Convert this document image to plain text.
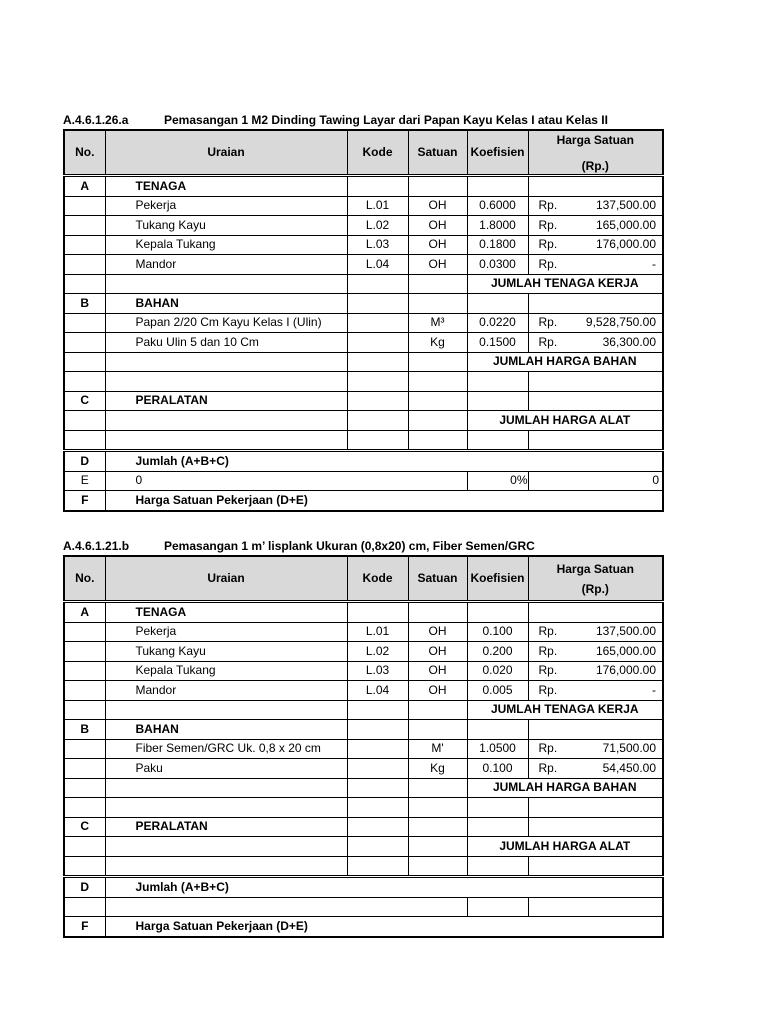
A.4.6.1.26.a	Pemasangan 1 M2 Dinding Tawing Layar dari Papan Kayu Kelas I atau Kelas II
No.	Uraian	Kode	Satuan	Koefisien	Harga Satuan
(Rp.)

A	TENAGA				
	Pekerja	L.01	OH	0.6000	Rp. 137,500.00

	Tukang Kayu	L.02	OH	1.8000	Rp. 165,000.00

	Kepala Tukang	L.03	OH	0.1800	Rp. 176,000.00

	Mandor	L.04	OH	0.0300	Rp. -

				JUMLAH TENAGA KERJA	
B	BAHAN				
	Papan 2/20 Cm Kayu Kelas I (Ulin)		M³	0.0220	Rp. 9,528,750.00

	Paku Ulin 5 dan 10 Cm		Kg	0.1500	Rp. 36,300.00

				JUMLAH HARGA BAHAN	

C	PERALATAN				
				JUMLAH HARGA ALAT	

D	Jumlah (A+B+C)				
E	0			0%	0
F	Harga Satuan Pekerjaan (D+E)				
A.4.6.1.21.b	Pemasangan 1 m’ lisplank Ukuran (0,8x20) cm, Fiber Semen/GRC
No.	Uraian	Kode	Satuan	Koefisien	Harga Satuan
(Rp.)

A	TENAGA				
	Pekerja	L.01	OH	0.100	Rp. 137,500.00

	Tukang Kayu	L.02	OH	0.200	Rp. 165,000.00

	Kepala Tukang	L.03	OH	0.020	Rp. 176,000.00

	Mandor	L.04	OH	0.005	Rp. -

				JUMLAH TENAGA KERJA	
B	BAHAN				
	Fiber Semen/GRC Uk. 0,8 x 20 cm		M'	1.0500	Rp. 71,500.00

	Paku		Kg	0.100	Rp. 54,450.00

				JUMLAH HARGA BAHAN	

C	PERALATAN				
				JUMLAH HARGA ALAT	

D	Jumlah (A+B+C)				

F	Harga Satuan Pekerjaan (D+E)				
